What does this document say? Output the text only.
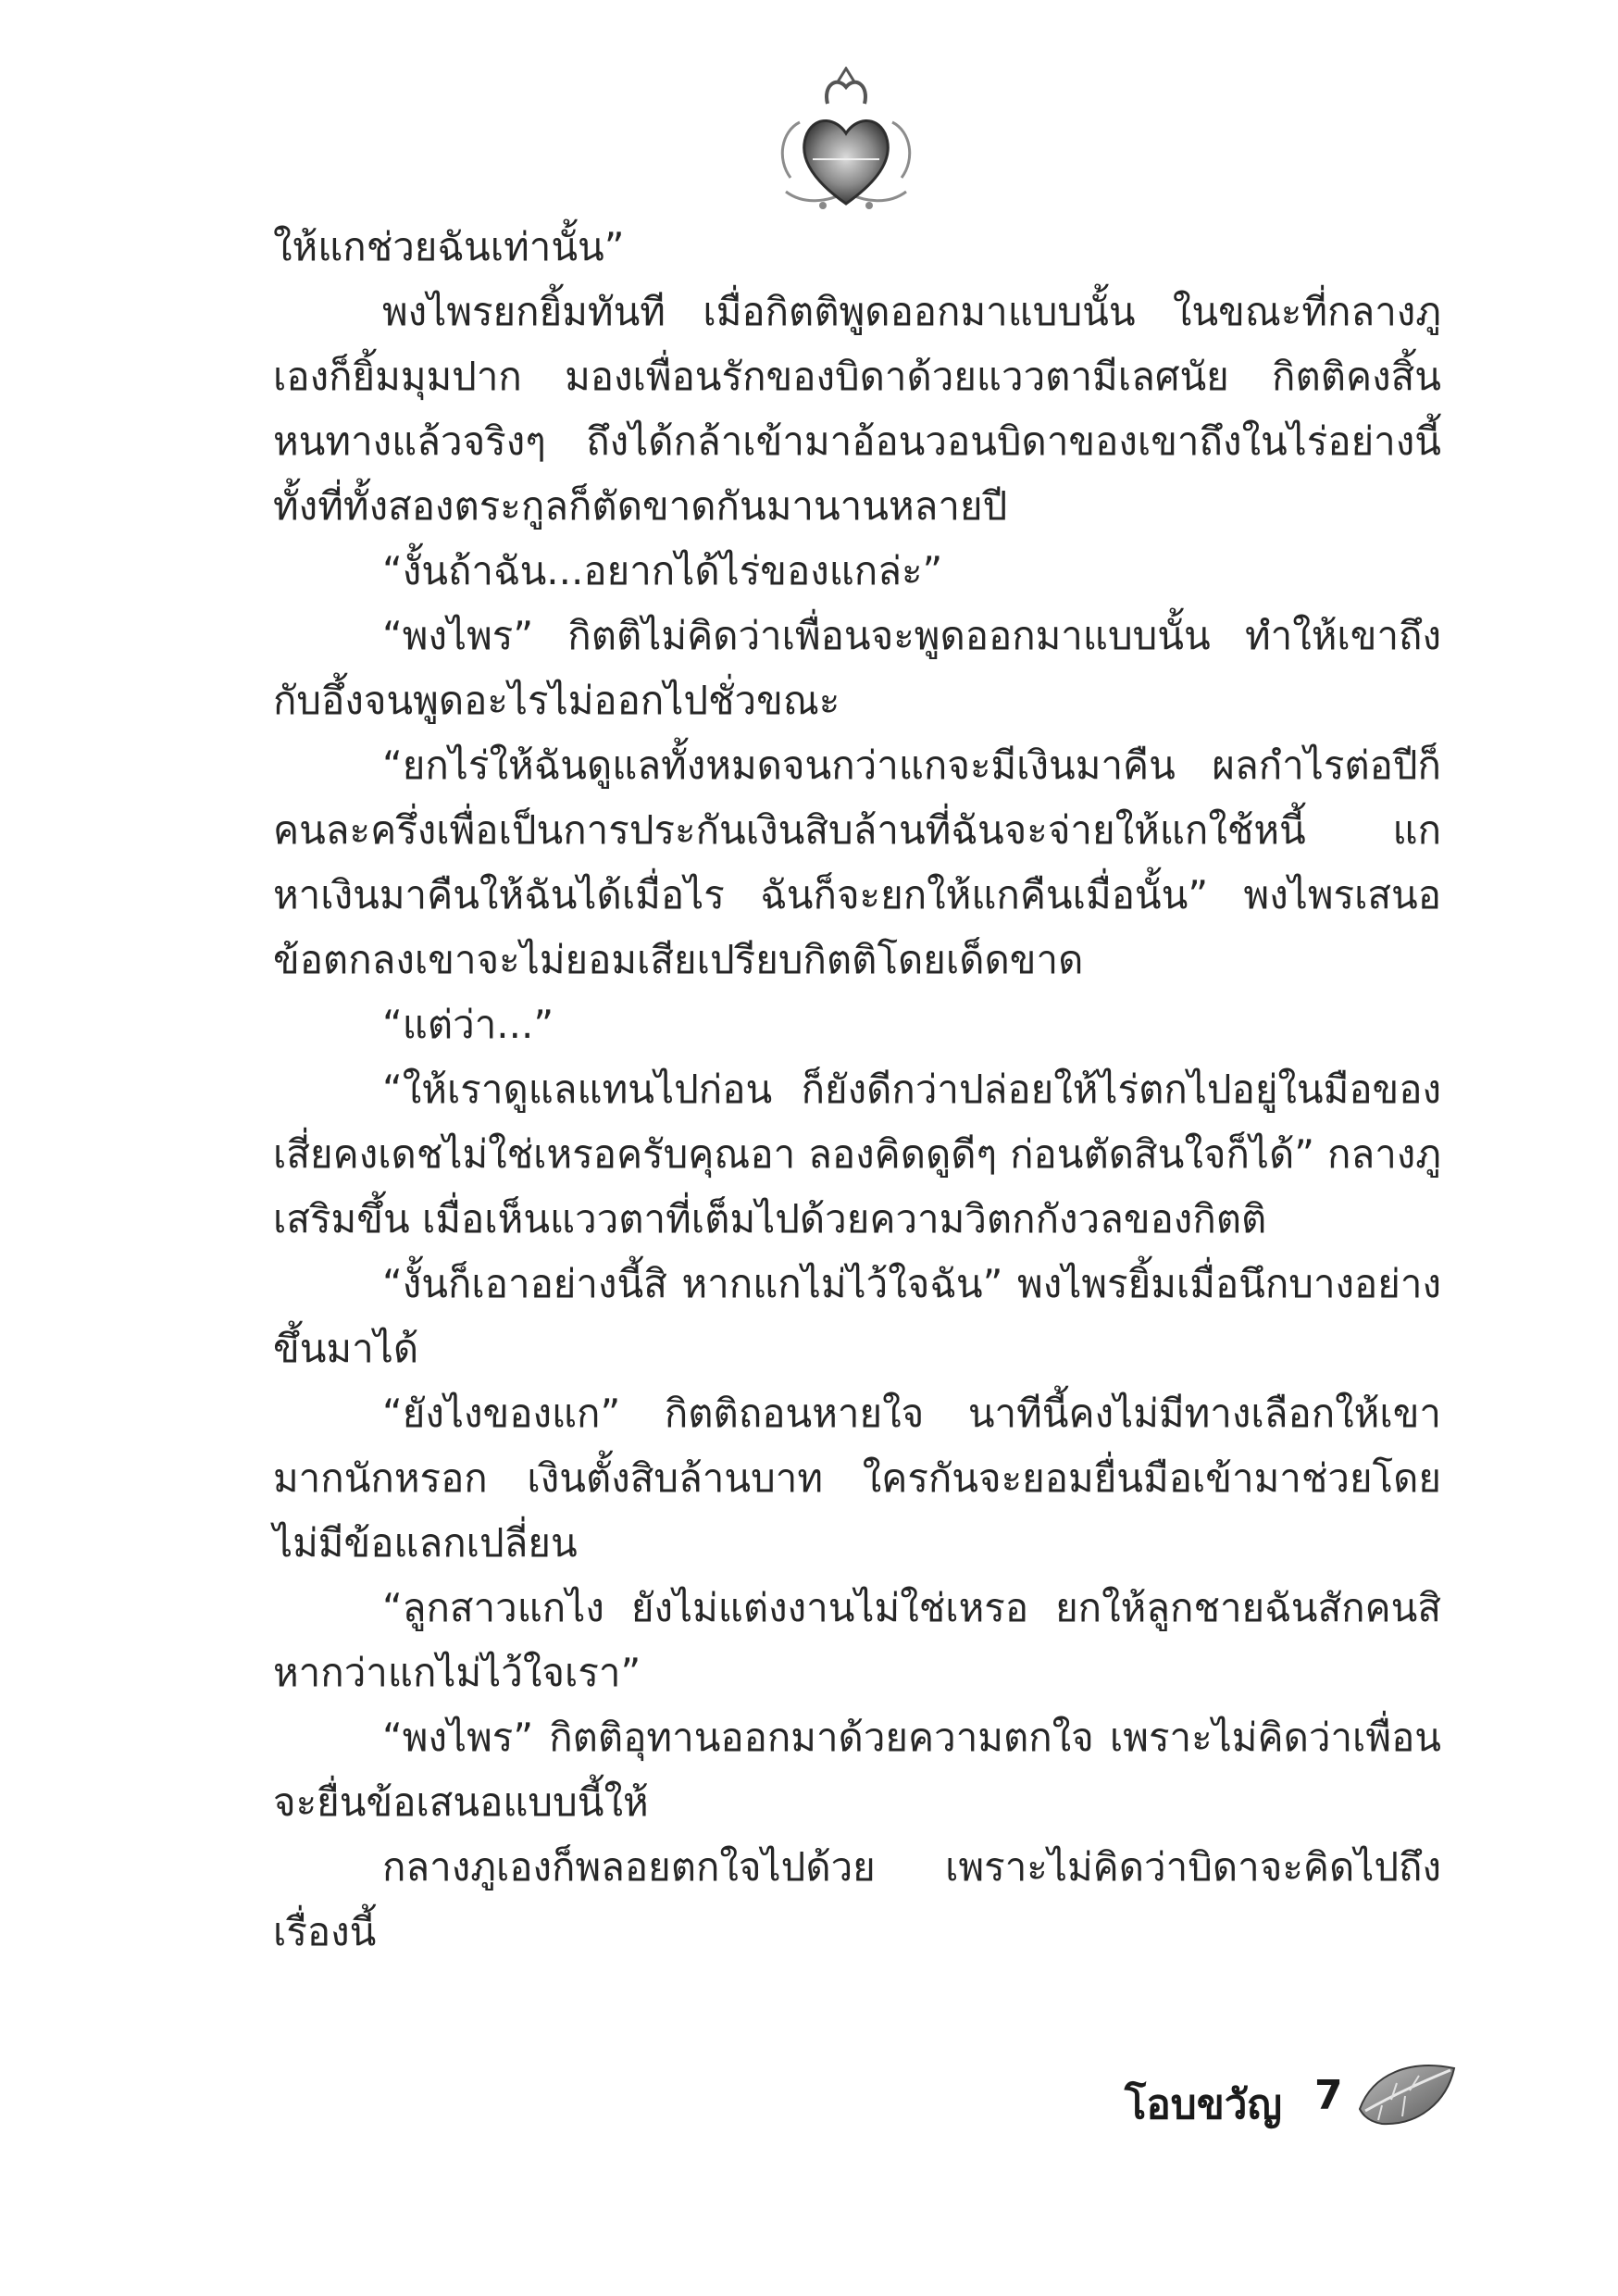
ให้แกช่วยฉันเท่านั้น”

พงไพรยกยิ้มทันที เมื่อกิตติพูดออกมาแบบนั้น ในขณะที่กลางภูเองก็ยิ้มมุมปาก มองเพื่อนรักของบิดาด้วยแววตามีเลศนัย กิตติคงสิ้นหนทางแล้วจริงๆ ถึงได้กล้าเข้ามาอ้อนวอนบิดาของเขาถึงในไร่อย่างนี้ ทั้งที่ทั้งสองตระกูลก็ตัดขาดกันมานานหลายปี

“งั้นถ้าฉัน...อยากได้ไร่ของแกล่ะ”

“พงไพร” กิตติไม่คิดว่าเพื่อนจะพูดออกมาแบบนั้น ทำให้เขาถึงกับอึ้งจนพูดอะไรไม่ออกไปชั่วขณะ

“ยกไร่ให้ฉันดูแลทั้งหมดจนกว่าแกจะมีเงินมาคืน ผลกำไรต่อปีก็คนละครึ่งเพื่อเป็นการประกันเงินสิบล้านที่ฉันจะจ่ายให้แกใช้หนี้ แกหาเงินมาคืนให้ฉันได้เมื่อไร ฉันก็จะยกให้แกคืนเมื่อนั้น” พงไพรเสนอข้อตกลงเขาจะไม่ยอมเสียเปรียบกิตติโดยเด็ดขาด

“แต่ว่า...”

“ให้เราดูแลแทนไปก่อน ก็ยังดีกว่าปล่อยให้ไร่ตกไปอยู่ในมือของเสี่ยคงเดชไม่ใช่เหรอครับคุณอา ลองคิดดูดีๆ ก่อนตัดสินใจก็ได้” กลางภูเสริมขึ้น เมื่อเห็นแววตาที่เต็มไปด้วยความวิตกกังวลของกิตติ

“งั้นก็เอาอย่างนี้สิ หากแกไม่ไว้ใจฉัน” พงไพรยิ้มเมื่อนึกบางอย่างขึ้นมาได้

“ยังไงของแก” กิตติถอนหายใจ นาทีนี้คงไม่มีทางเลือกให้เขามากนักหรอก เงินตั้งสิบล้านบาท ใครกันจะยอมยื่นมือเข้ามาช่วยโดยไม่มีข้อแลกเปลี่ยน

“ลูกสาวแกไง ยังไม่แต่งงานไม่ใช่เหรอ ยกให้ลูกชายฉันสักคนสิหากว่าแกไม่ไว้ใจเรา”

“พงไพร” กิตติอุทานออกมาด้วยความตกใจ เพราะไม่คิดว่าเพื่อนจะยื่นข้อเสนอแบบนี้ให้

กลางภูเองก็พลอยตกใจไปด้วย เพราะไม่คิดว่าบิดาจะคิดไปถึงเรื่องนี้

โอบขวัญ 7
